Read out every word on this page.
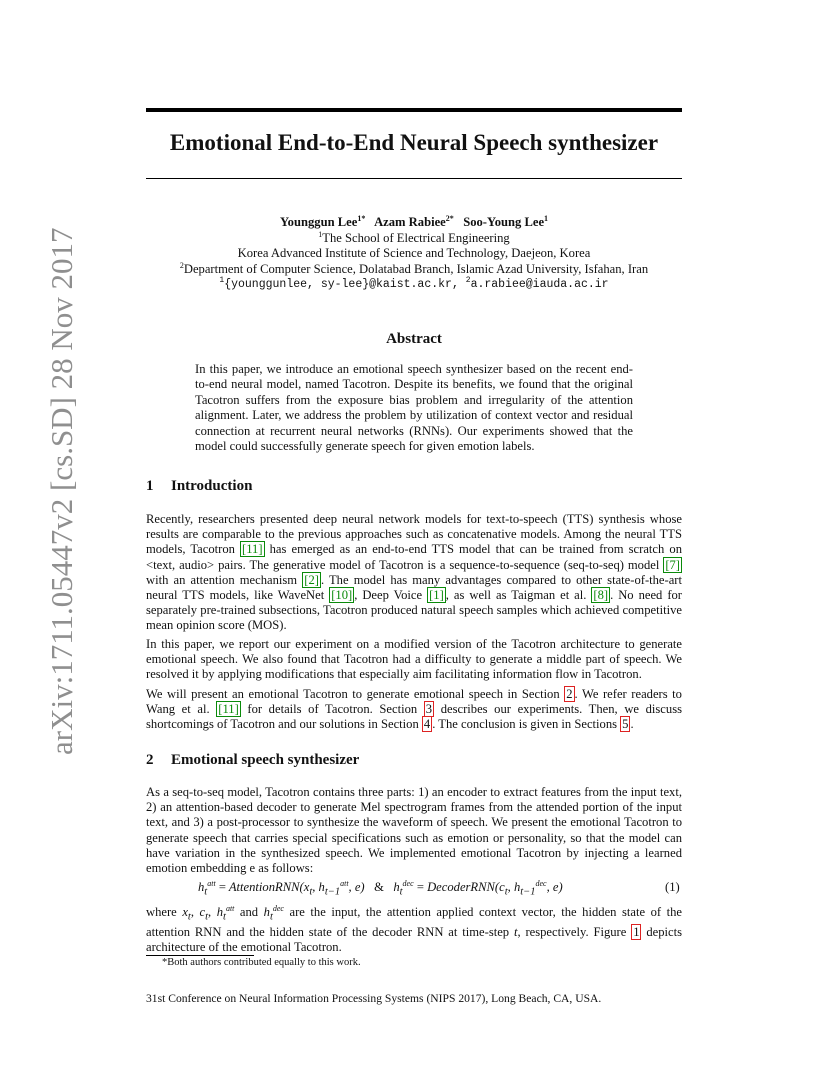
arXiv:1711.05447v2 [cs.SD] 28 Nov 2017
Emotional End-to-End Neural Speech synthesizer
Younggun Lee$^{1*}$   Azam Rabiee$^{2*}$   Soo-Young Lee$^1$
$^1$The School of Electrical Engineering
Korea Advanced Institute of Science and Technology, Daejeon, Korea
$^2$Department of Computer Science, Dolatabad Branch, Islamic Azad University, Isfahan, Iran
$^1${younggunlee, sy-lee}@kaist.ac.kr, $^2$a.rabiee@iauda.ac.ir
Abstract
In this paper, we introduce an emotional speech synthesizer based on the recent end-to-end neural model, named Tacotron. Despite its benefits, we found that the original Tacotron suffers from the exposure bias problem and irregularity of the attention alignment. Later, we address the problem by utilization of context vector and residual connection at recurrent neural networks (RNNs). Our experiments showed that the model could successfully generate speech for given emotion labels.
1 Introduction
Recently, researchers presented deep neural network models for text-to-speech (TTS) synthesis whose results are comparable to the previous approaches such as concatenative models. Among the neural TTS models, Tacotron [11] has emerged as an end-to-end TTS model that can be trained from scratch on <text, audio> pairs. The generative model of Tacotron is a sequence-to-sequence (seq-to-seq) model [7] with an attention mechanism [2] . The model has many advantages compared to other state-of-the-art neural TTS models, like WaveNet [10] , Deep Voice [1] , as well as Taigman et al. [8] . No need for separately pre-trained subsections, Tacotron produced natural speech samples which achieved competitive mean opinion score (MOS).
In this paper, we report our experiment on a modified version of the Tacotron architecture to generate emotional speech. We also found that Tacotron had a difficulty to generate a middle part of speech. We resolved it by applying modifications that especially aim facilitating information flow in Tacotron.
We will present an emotional Tacotron to generate emotional speech in Section 2 . We refer readers to Wang et al. [11] for details of Tacotron. Section 3 describes our experiments. Then, we discuss shortcomings of Tacotron and our solutions in Section 4 . The conclusion is given in Sections 5 .
2 Emotional speech synthesizer
As a seq-to-seq model, Tacotron contains three parts: 1) an encoder to extract features from the input text, 2) an attention-based decoder to generate Mel spectrogram frames from the attended portion of the input text, and 3) a post-processor to synthesize the waveform of speech. We present the emotional Tacotron to generate speech that carries special specifications such as emotion or personality, so that the model can have variation in the synthesized speech. We implemented emotional Tacotron by injecting a learned emotion embedding e as follows:
$h_t^{att}$ = $AttentionRNN(x_t$, $h_{t-1}^{att}$, e)   &   $h_t^{dec}$ = $DecoderRNN(c_t$, $h_{t-1}^{dec}$, e)	(1)
where $x_t$, $c_t$, $h_t^{att}$ and $h_t^{dec}$ are the input, the attention applied context vector, the hidden state of the attention RNN and the hidden state of the decoder RNN at time-step t, respectively. Figure 1 depicts architecture of the emotional Tacotron.
*Both authors contributed equally to this work.
31st Conference on Neural Information Processing Systems (NIPS 2017), Long Beach, CA, USA.
